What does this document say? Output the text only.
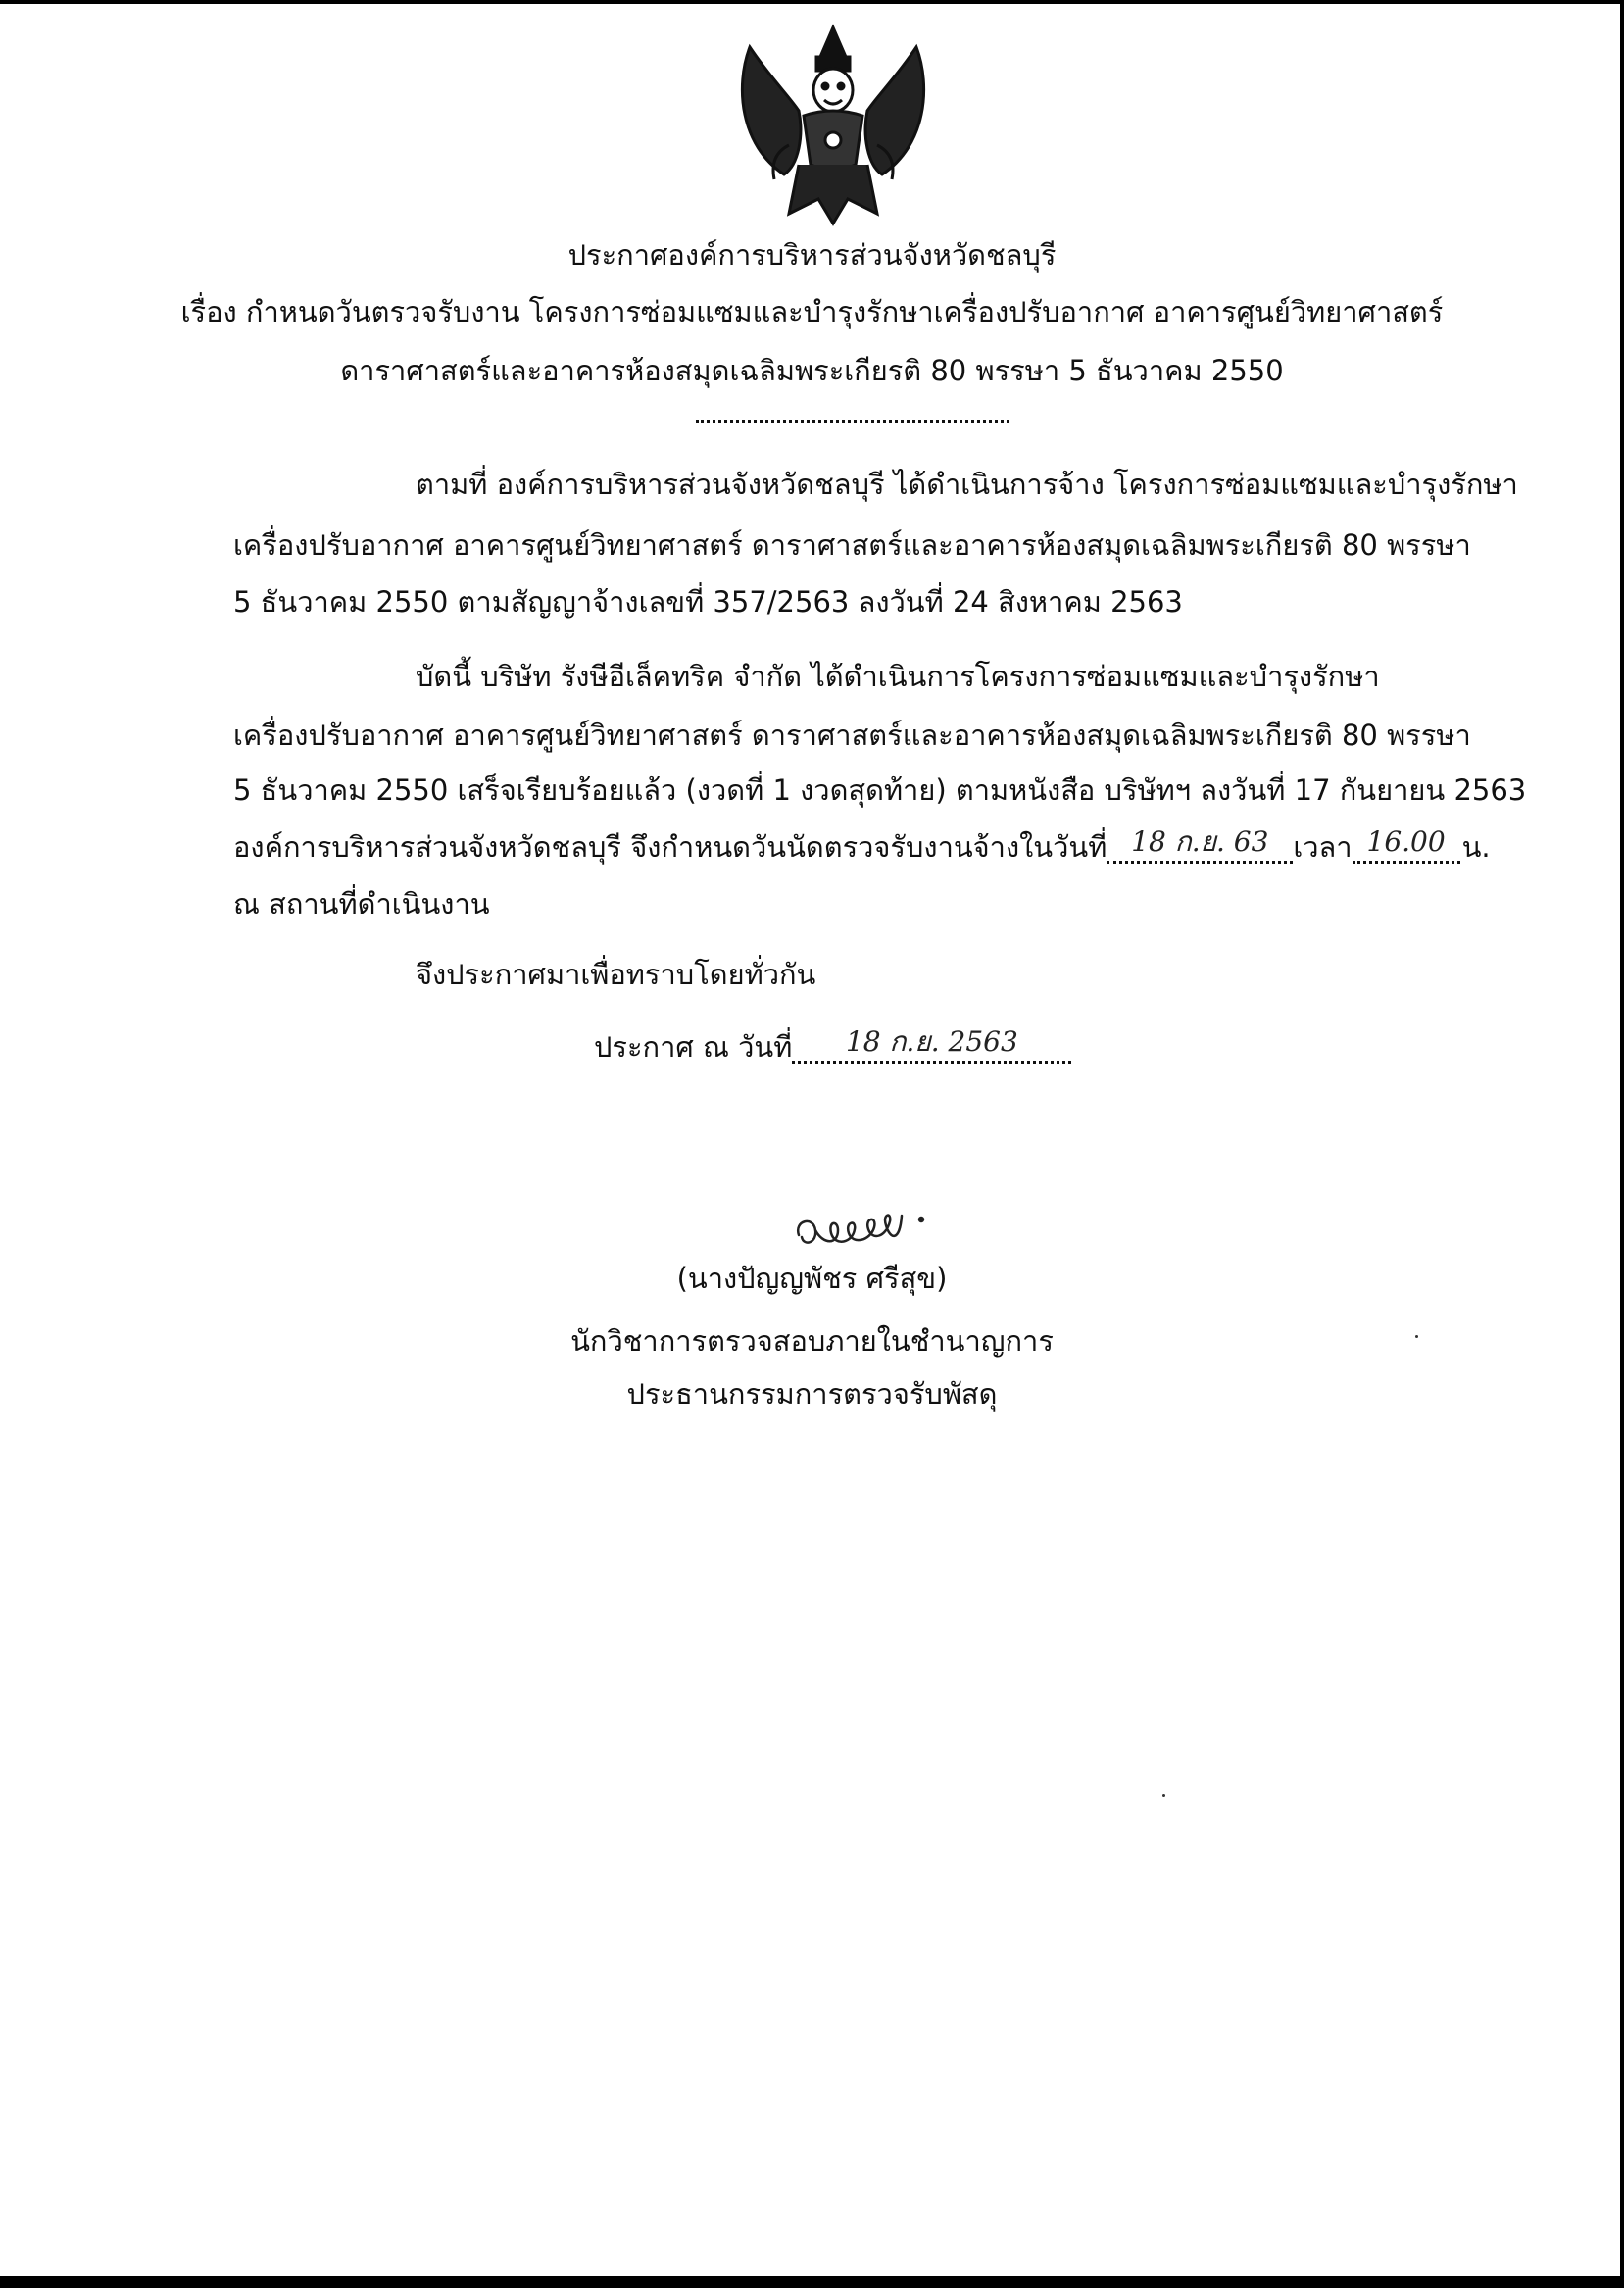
ประกาศองค์การบริหารส่วนจังหวัดชลบุรี
เรื่อง กำหนดวันตรวจรับงาน โครงการซ่อมแซมและบำรุงรักษาเครื่องปรับอากาศ อาคารศูนย์วิทยาศาสตร์
ดาราศาสตร์และอาคารห้องสมุดเฉลิมพระเกียรติ 80 พรรษา 5 ธันวาคม 2550
ตามที่ องค์การบริหารส่วนจังหวัดชลบุรี ได้ดำเนินการจ้าง โครงการซ่อมแซมและบำรุงรักษา
เครื่องปรับอากาศ อาคารศูนย์วิทยาศาสตร์ ดาราศาสตร์และอาคารห้องสมุดเฉลิมพระเกียรติ 80 พรรษา
5 ธันวาคม 2550 ตามสัญญาจ้างเลขที่ 357/2563 ลงวันที่ 24 สิงหาคม 2563
บัดนี้ บริษัท รังษีอีเล็คทริค จำกัด ได้ดำเนินการโครงการซ่อมแซมและบำรุงรักษา
เครื่องปรับอากาศ อาคารศูนย์วิทยาศาสตร์ ดาราศาสตร์และอาคารห้องสมุดเฉลิมพระเกียรติ 80 พรรษา
5 ธันวาคม 2550 เสร็จเรียบร้อยแล้ว (งวดที่ 1 งวดสุดท้าย) ตามหนังสือ บริษัทฯ ลงวันที่ 17 กันยายน 2563
องค์การบริหารส่วนจังหวัดชลบุรี จึงกำหนดวันนัดตรวจรับงานจ้างในวันที่ 18 ก.ย. 63 เวลา 16.00 น.
ณ สถานที่ดำเนินงาน
จึงประกาศมาเพื่อทราบโดยทั่วกัน
ประกาศ ณ วันที่ 18 ก.ย. 2563
(นางปัญญพัชร ศรีสุข)
นักวิชาการตรวจสอบภายในชำนาญการ
ประธานกรรมการตรวจรับพัสดุ
